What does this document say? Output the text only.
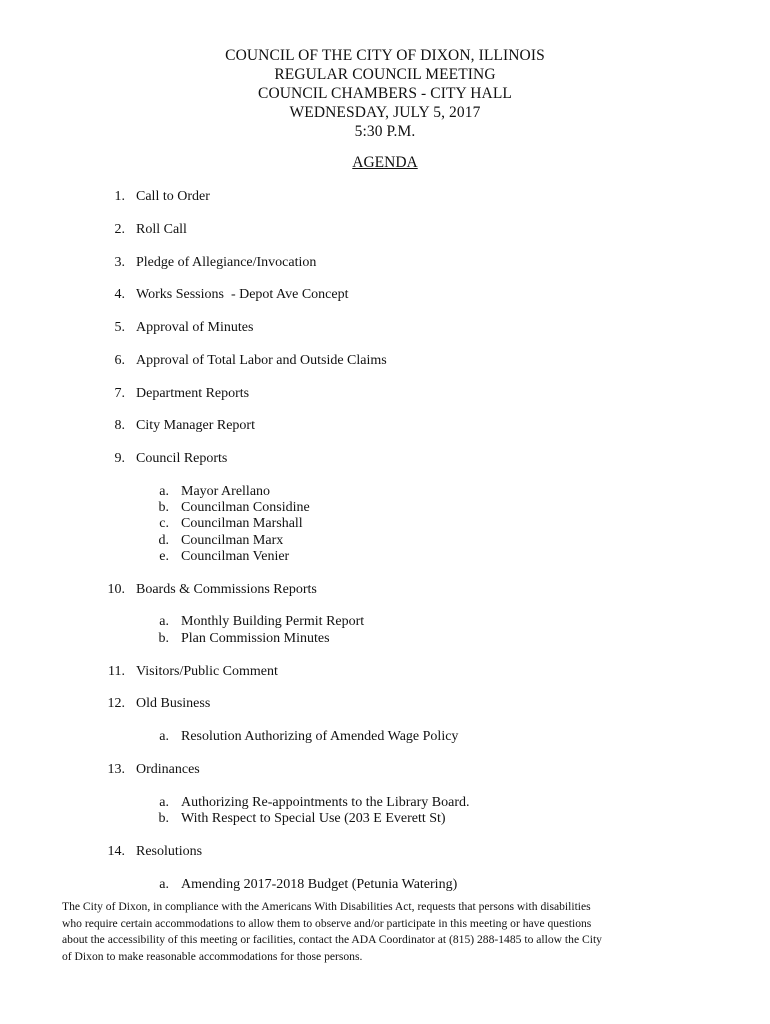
COUNCIL OF THE CITY OF DIXON, ILLINOIS
REGULAR COUNCIL MEETING
COUNCIL CHAMBERS - CITY HALL
WEDNESDAY, JULY 5, 2017
5:30 P.M.
AGENDA
1. Call to Order
2. Roll Call
3. Pledge of Allegiance/Invocation
4. Works Sessions  - Depot Ave Concept
5. Approval of Minutes
6. Approval of Total Labor and Outside Claims
7. Department Reports
8. City Manager Report
9. Council Reports
a. Mayor Arellano
b. Councilman Considine
c. Councilman Marshall
d. Councilman Marx
e. Councilman Venier
10. Boards & Commissions Reports
a. Monthly Building Permit Report
b. Plan Commission Minutes
11. Visitors/Public Comment
12. Old Business
a. Resolution Authorizing of Amended Wage Policy
13. Ordinances
a. Authorizing Re-appointments to the Library Board.
b. With Respect to Special Use (203 E Everett St)
14. Resolutions
a. Amending 2017-2018 Budget (Petunia Watering)
The City of Dixon, in compliance with the Americans With Disabilities Act, requests that persons with disabilities
who require certain accommodations to allow them to observe and/or participate in this meeting or have questions
about the accessibility of this meeting or facilities, contact the ADA Coordinator at (815) 288-1485 to allow the City
of Dixon to make reasonable accommodations for those persons.
